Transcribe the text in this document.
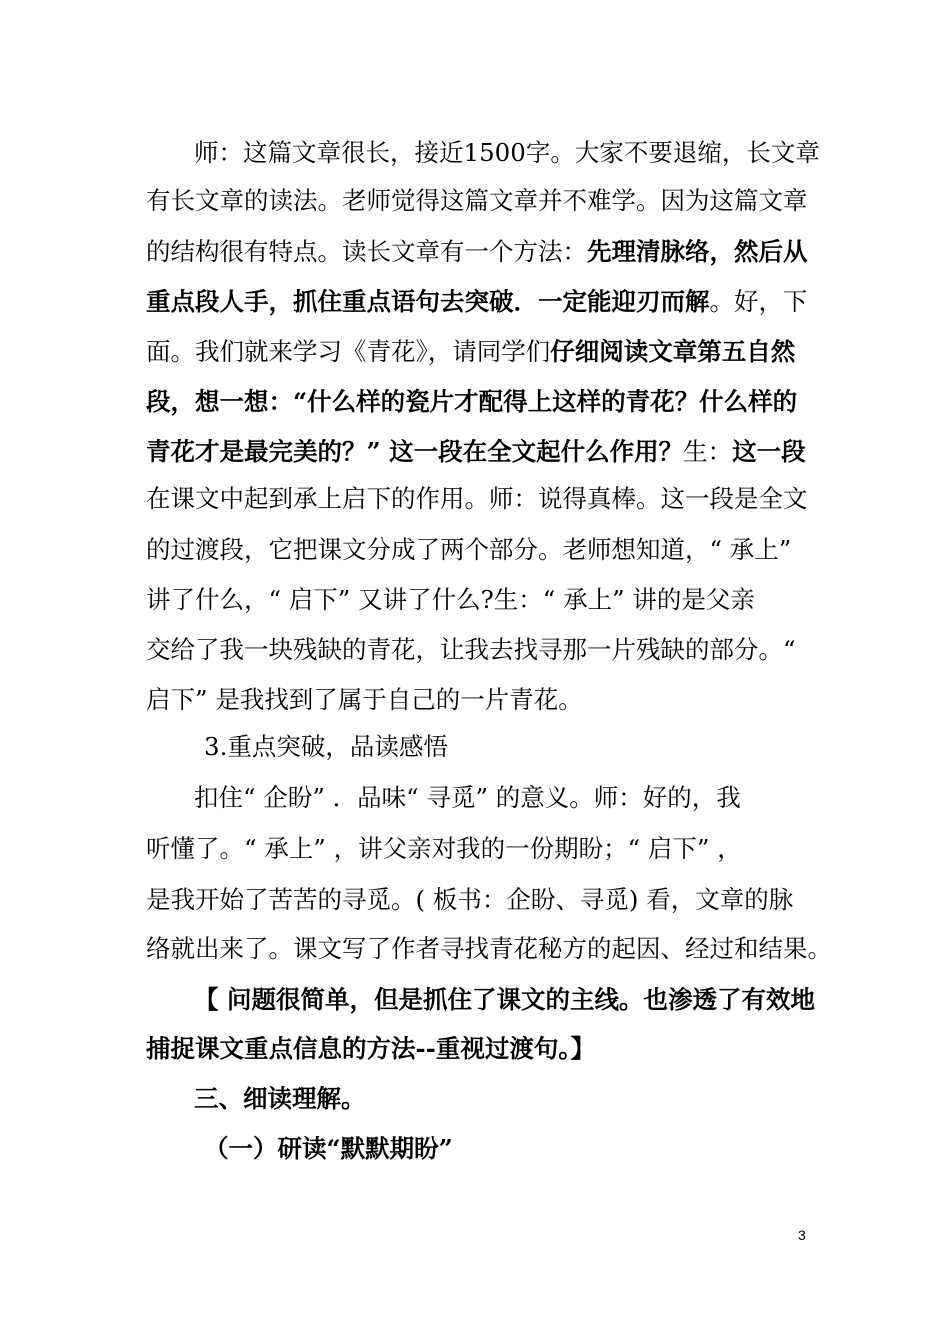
师：这篇文章很长，接近1500字。大家不要退缩，长文章
有长文章的读法。老师觉得这篇文章并不难学。因为这篇文章
的结构很有特点。读长文章有一个方法：先理清脉络，然后从
重点段人手，抓住重点语句去突破．一定能迎刃而解。好，下
面。我们就来学习《青花》，请同学们仔细阅读文章第五自然
段，想一想：“什么样的瓷片才配得上这样的青花？什么样的
青花才是最完美的？” 这一段在全文起什么作用？生：这一段
在课文中起到承上启下的作用。师：说得真棒。这一段是全文
的过渡段，它把课文分成了两个部分。老师想知道，“ 承上”
讲了什么，“ 启下” 又讲了什么?生：“ 承上” 讲的是父亲
交给了我一块残缺的青花，让我去找寻那一片残缺的部分。“
启下” 是我找到了属于自己的一片青花。
3.重点突破，品读感悟
扣住“ 企盼” ．品味“ 寻觅” 的意义。师：好的，我
听懂了。“ 承上” ，讲父亲对我的一份期盼；“ 启下” ，
是我开始了苦苦的寻觅。( 板书：企盼、寻觅) 看，文章的脉
络就出来了。课文写了作者寻找青花秘方的起因、经过和结果。
【 问题很简单，但是抓住了课文的主线。也渗透了有效地
捕捉课文重点信息的方法--重视过渡句。】
三、细读理解。
（一）研读“默默期盼”
3
